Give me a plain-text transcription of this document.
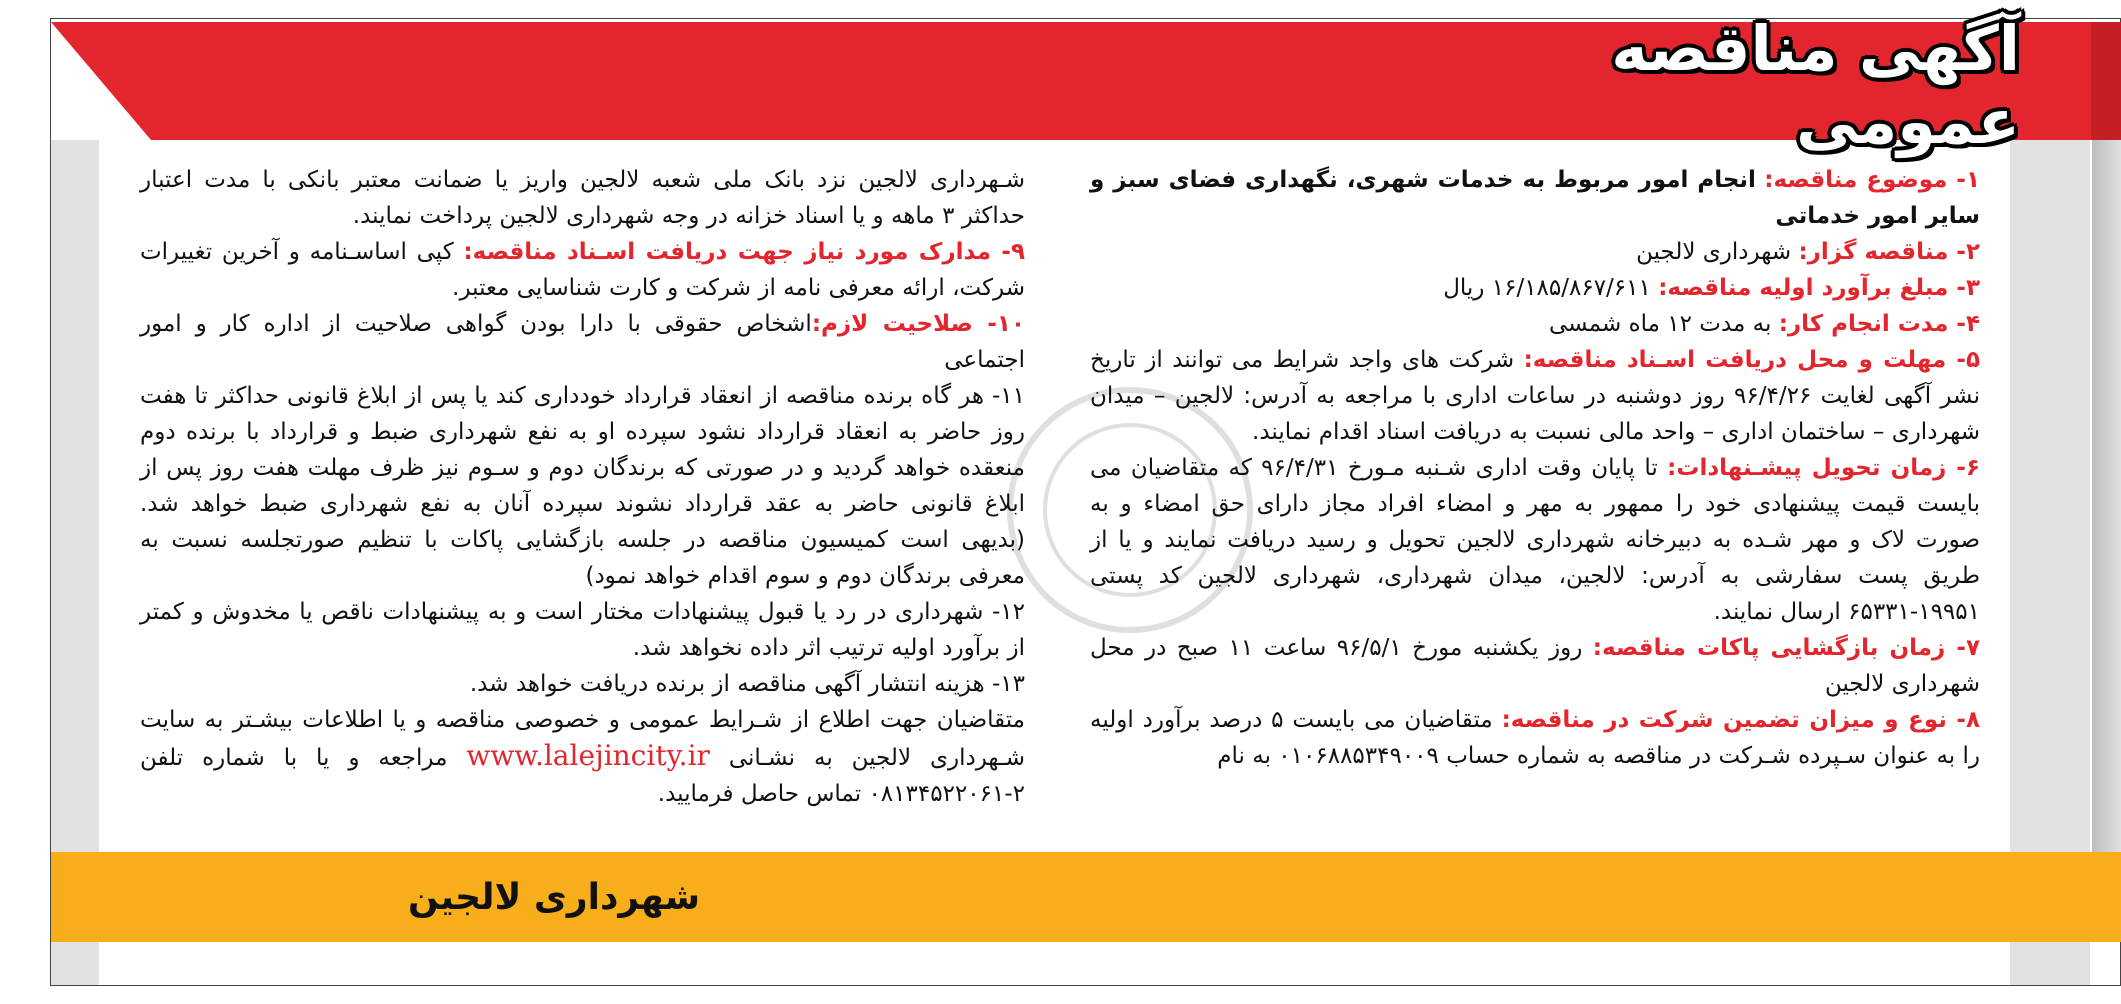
آگهی مناقصه عمومی

۱- موضوع مناقصه: انجام امور مربوط به خدمات شهری، نگهداری فضای سبز و سایر امور خدماتی

۲- مناقصه گزار: شهرداری لالجین

۳- مبلغ برآورد اولیه مناقصه: ۱۶/۱۸۵/۸۶۷/۶۱۱ ریال

۴- مدت انجام کار: به مدت ۱۲ ماه شمسی

۵- مهلت و محل دریافت اسـناد مناقصه: شرکت های واجد شرایط می توانند از تاریخ نشر آگهی لغایت ۹۶/۴/۲۶ روز دوشنبه در ساعات اداری با مراجعه به آدرس: لالجین – میدان شهرداری – ساختمان اداری – واحد مالی نسبت به دریافت اسناد اقدام نمایند.

۶- زمان تحویل پیشـنهادات: تا پایان وقت اداری شـنبه مـورخ ۹۶/۴/۳۱ که متقاضیان می بایست قیمت پیشنهادی خود را ممهور به مهر و امضاء افراد مجاز دارای حق امضاء و به صورت لاک و مهر شـده به دبیرخانه شهرداری لالجین تحویل و رسید دریافت نمایند و یا از طریق پست سفارشی به آدرس: لالجین، میدان شهرداری، شهرداری لالجین کد پستی ۱۹۹۵۱-۶۵۳۳۱ ارسال نمایند.

۷- زمان بازگشایی پاکات مناقصه: روز یکشنبه مورخ ۹۶/۵/۱ ساعت ۱۱ صبح در محل شهرداری لالجین

۸- نوع و میزان تضمین شرکت در مناقصه: متقاضیان می بایست ۵ درصد برآورد اولیه را به عنوان سـپرده شـرکت در مناقصه به شماره حساب ۰۱۰۶۸۸۵۳۴۹۰۰۹ به نام

شـهرداری لالجین نزد بانک ملی شعبه لالجین واریز یا ضمانت معتبر بانکی با مدت اعتبار حداکثر ۳ ماهه و یا اسناد خزانه در وجه شهرداری لالجین پرداخت نمایند.

۹- مدارک مورد نیاز جهت دریافت اسـناد مناقصه: کپی اساسـنامه و آخرین تغییرات شرکت، ارائه معرفی نامه از شرکت و کارت شناسایی معتبر.

۱۰- صلاحیت لازم:اشخاص حقوقی با دارا بودن گواهی صلاحیت از اداره کار و امور اجتماعی

۱۱- هر گاه برنده مناقصه از انعقاد قرارداد خودداری کند یا پس از ابلاغ قانونی حداکثر تا هفت روز حاضر به انعقاد قرارداد نشود سپرده او به نفع شهرداری ضبط و قرارداد با برنده دوم منعقده خواهد گردید و در صورتی که برندگان دوم و سـوم نیز ظرف مهلت هفت روز پس از ابلاغ قانونی حاضر به عقد قرارداد نشوند سپرده آنان به نفع شهرداری ضبط خواهد شد. (بدیهی است کمیسیون مناقصه در جلسه بازگشایی پاکات با تنظیم صورتجلسه نسبت به معرفی برندگان دوم و سوم اقدام خواهد نمود)

۱۲- شهرداری در رد یا قبول پیشنهادات مختار است و به پیشنهادات ناقص یا مخدوش و کمتر از برآورد اولیه ترتیب اثر داده نخواهد شد.

۱۳- هزینه انتشار آگهی مناقصه از برنده دریافت خواهد شد.

متقاضیان جهت اطلاع از شـرایط عمومی و خصوصی مناقصه و یا اطلاعات بیشـتر به سایت شـهرداری لالجین به نشـانی www.lalejincity.ir مراجعه و یا با شماره تلفن ۲-۰۸۱۳۴۵۲۲۰۶۱ تماس حاصل فرمایید.

شهرداری لالجین
